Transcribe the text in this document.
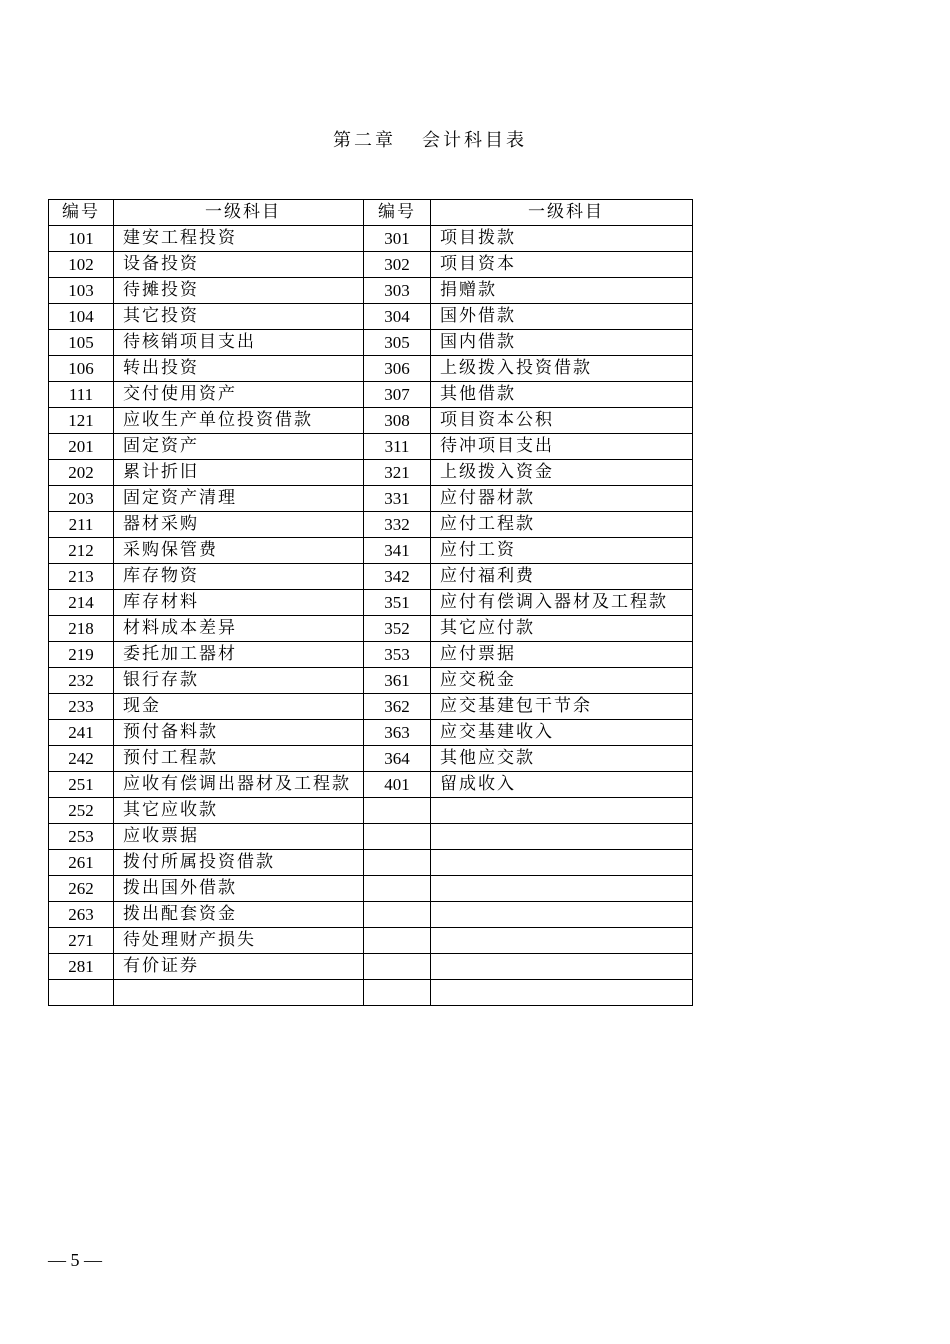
第二章 会计科目表
编号	一级科目	编号	一级科目
101	建安工程投资	301	项目拨款
102	设备投资	302	项目资本
103	待摊投资	303	捐赠款
104	其它投资	304	国外借款
105	待核销项目支出	305	国内借款
106	转出投资	306	上级拨入投资借款
111	交付使用资产	307	其他借款
121	应收生产单位投资借款	308	项目资本公积
201	固定资产	311	待冲项目支出
202	累计折旧	321	上级拨入资金
203	固定资产清理	331	应付器材款
211	器材采购	332	应付工程款
212	采购保管费	341	应付工资
213	库存物资	342	应付福利费
214	库存材料	351	应付有偿调入器材及工程款
218	材料成本差异	352	其它应付款
219	委托加工器材	353	应付票据
232	银行存款	361	应交税金
233	现金	362	应交基建包干节余
241	预付备料款	363	应交基建收入
242	预付工程款	364	其他应交款
251	应收有偿调出器材及工程款	401	留成收入
252	其它应收款		
253	应收票据		
261	拨付所属投资借款		
262	拨出国外借款		
263	拨出配套资金		
271	待处理财产损失		
281	有价证券		

— 5 —
